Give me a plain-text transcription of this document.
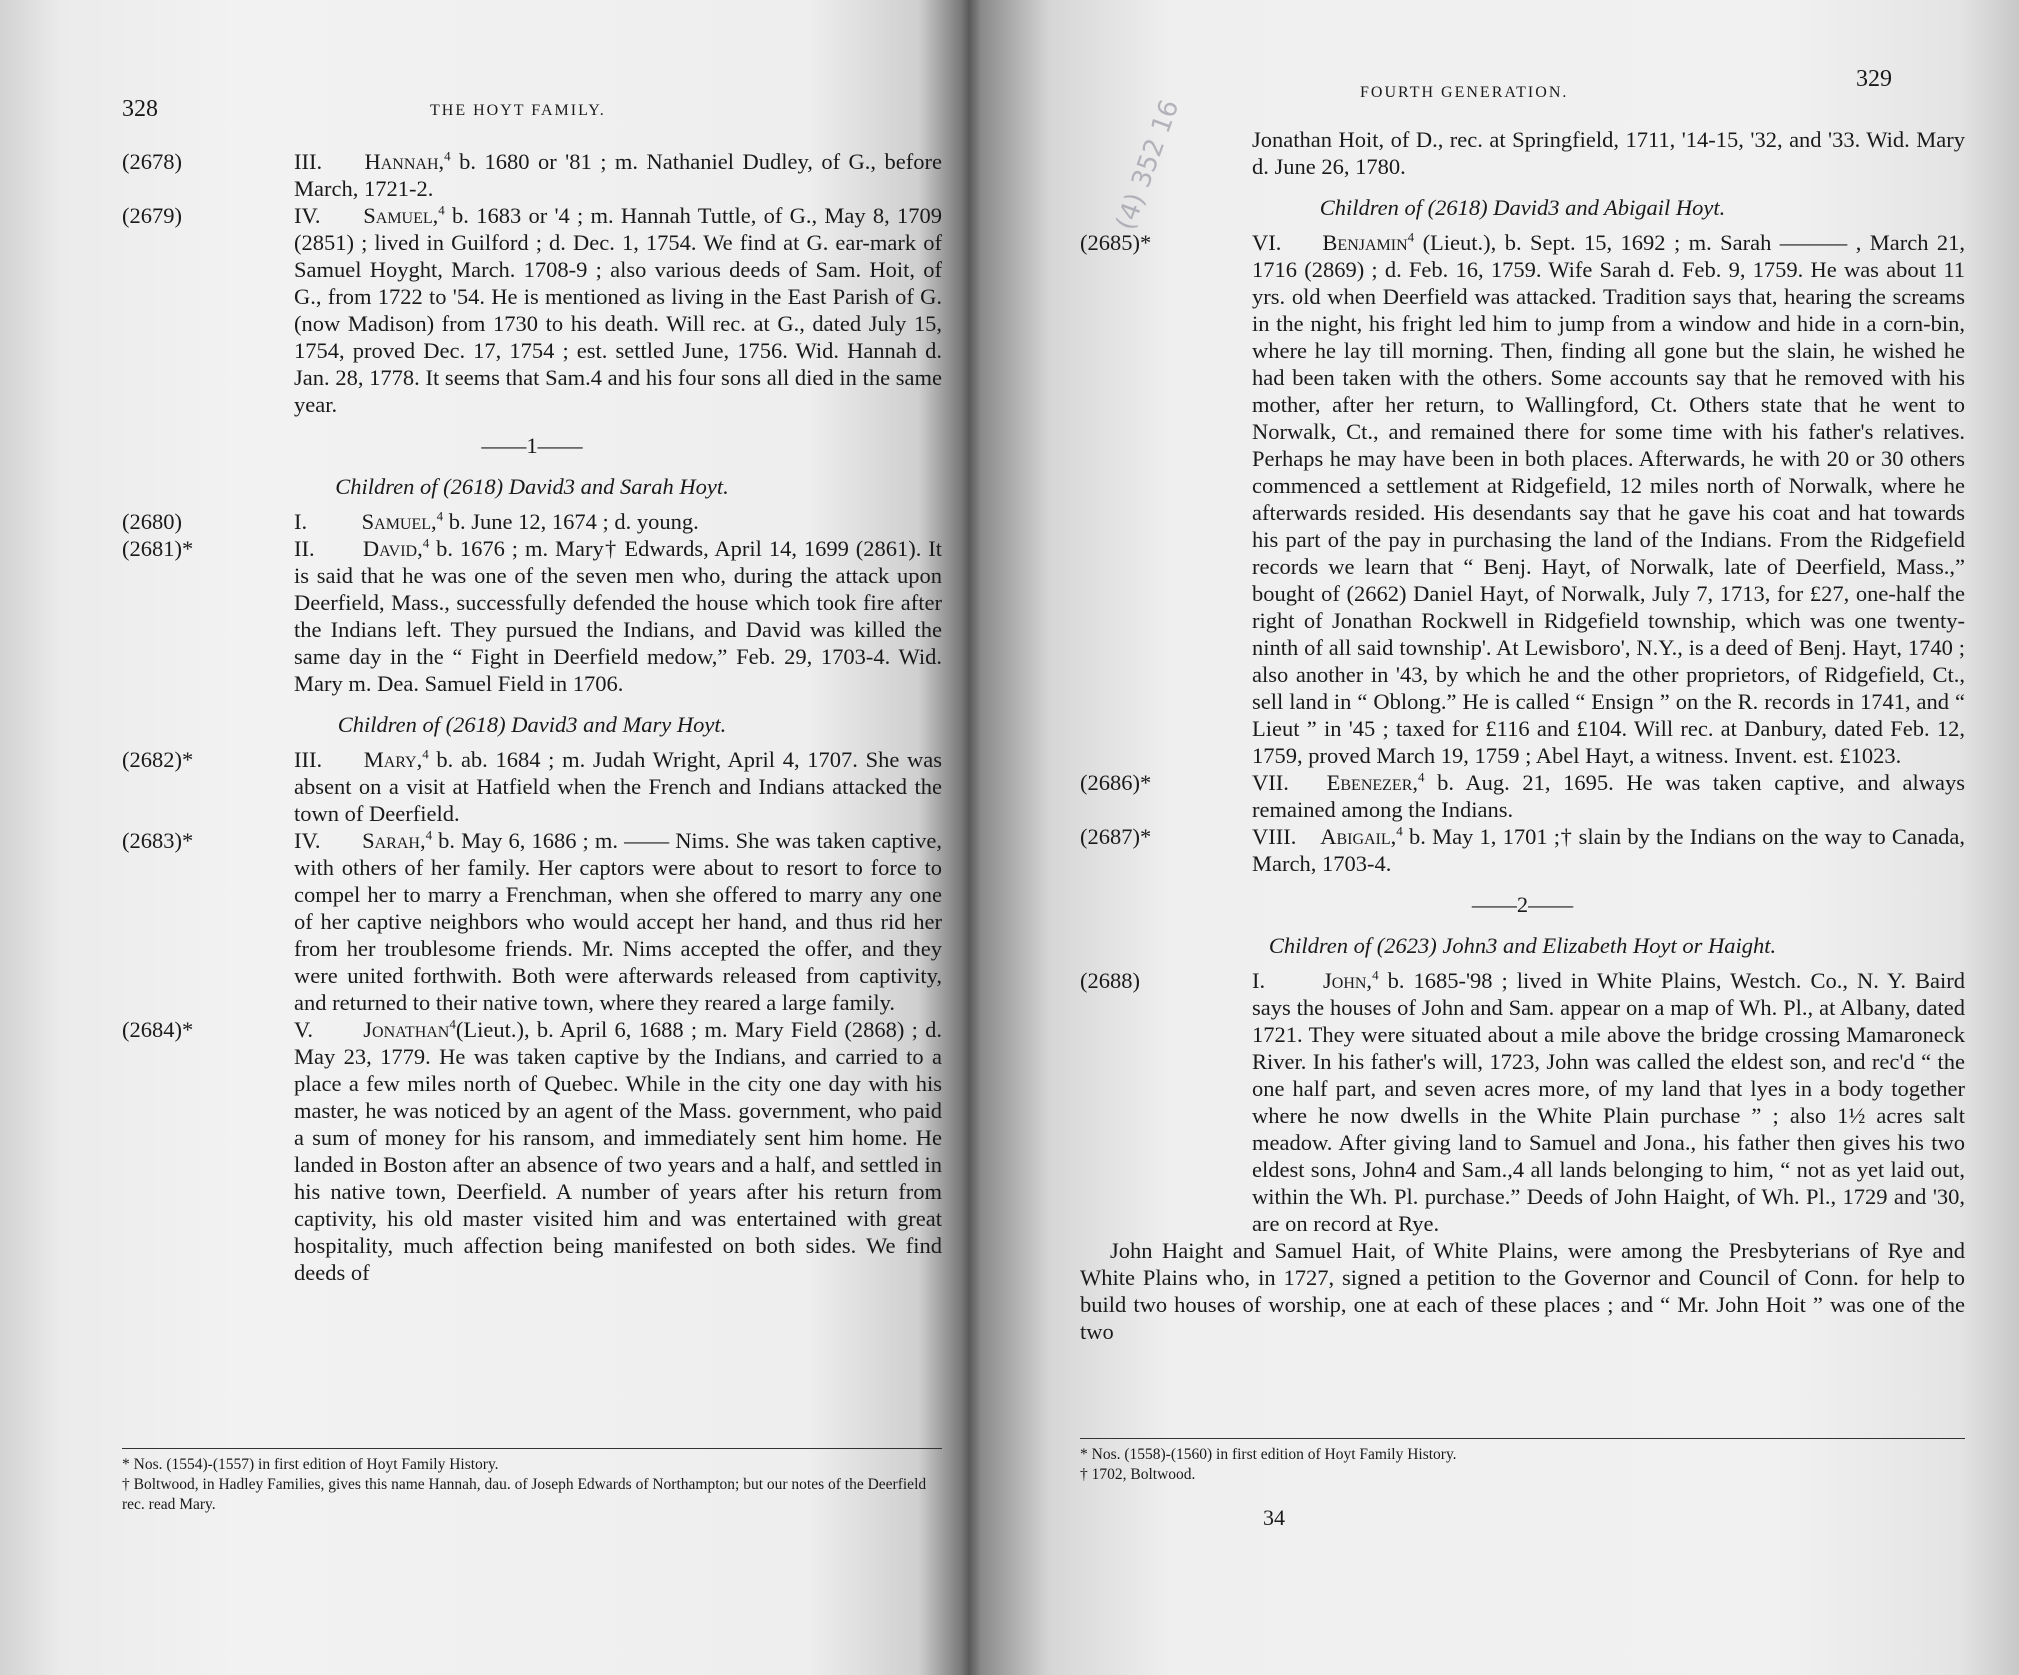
328	THE HOYT FAMILY.

(2678)	III. Hannah,$^4$ b. 1680 or '81 ; m. Nathaniel Dudley, of G., before March, 1721-2.

(2679)	IV. Samuel,$^4$ b. 1683 or '4 ; m. Hannah Tuttle, of G., May 8, 1709 (2851) ; lived in Guilford ; d. Dec. 1, 1754. We find at G. ear-mark of Samuel Hoyght, March. 1708-9 ; also various deeds of Sam. Hoit, of G., from 1722 to '54. He is mentioned as living in the East Parish of G. (now Madison) from 1730 to his death. Will rec. at G., dated July 15, 1754, proved Dec. 17, 1754 ; est. settled June, 1756. Wid. Hannah d. Jan. 28, 1778. It seems that Sam.4 and his four sons all died in the same year.

——1——

Children of (2618) David3 and Sarah Hoyt.

(2680)	I. Samuel,$^4$ b. June 12, 1674 ; d. young.

(2681)*	II. David,$^4$ b. 1676 ; m. Mary† Edwards, April 14, 1699 (2861). It is said that he was one of the seven men who, during the attack upon Deerfield, Mass., successfully defended the house which took fire after the Indians left. They pursued the Indians, and David was killed the same day in the “ Fight in Deerfield medow,” Feb. 29, 1703-4. Wid. Mary m. Dea. Samuel Field in 1706.

Children of (2618) David3 and Mary Hoyt.

(2682)*	III. Mary,$^4$ b. ab. 1684 ; m. Judah Wright, April 4, 1707. She was absent on a visit at Hatfield when the French and Indians attacked the town of Deerfield.

(2683)*	IV. Sarah,$^4$ b. May 6, 1686 ; m. —— Nims. She was taken captive, with others of her family. Her captors were about to resort to force to compel her to marry a Frenchman, when she offered to marry any one of her captive neighbors who would accept her hand, and thus rid her from her troublesome friends. Mr. Nims accepted the offer, and they were united forthwith. Both were afterwards released from captivity, and returned to their native town, where they reared a large family.

(2684)*	V. Jonathan$^4$(Lieut.), b. April 6, 1688 ; m. Mary Field (2868) ; d. May 23, 1779. He was taken captive by the Indians, and carried to a place a few miles north of Quebec. While in the city one day with his master, he was noticed by an agent of the Mass. government, who paid a sum of money for his ransom, and immediately sent him home. He landed in Boston after an absence of two years and a half, and settled in his native town, Deerfield. A number of years after his return from captivity, his old master visited him and was entertained with great hospitality, much affection being manifested on both sides. We find deeds of

* Nos. (1554)-(1557) in first edition of Hoyt Family History.
† Boltwood, in Hadley Families, gives this name Hannah, dau. of Joseph Edwards of Northampton; but our notes of the Deerfield rec. read Mary.
(4) 352 16
FOURTH GENERATION.
329

Jonathan Hoit, of D., rec. at Springfield, 1711, '14-15, '32, and '33. Wid. Mary d. June 26, 1780.

Children of (2618) David3 and Abigail Hoyt.

(2685)*	VI. Benjamin$^4$ (Lieut.), b. Sept. 15, 1692 ; m. Sarah ——— , March 21, 1716 (2869) ; d. Feb. 16, 1759. Wife Sarah d. Feb. 9, 1759. He was about 11 yrs. old when Deerfield was attacked. Tradition says that, hearing the screams in the night, his fright led him to jump from a window and hide in a corn-bin, where he lay till morning. Then, finding all gone but the slain, he wished he had been taken with the others. Some accounts say that he removed with his mother, after her return, to Wallingford, Ct. Others state that he went to Norwalk, Ct., and remained there for some time with his father's relatives. Perhaps he may have been in both places. Afterwards, he with 20 or 30 others commenced a settlement at Ridgefield, 12 miles north of Norwalk, where he afterwards resided. His desendants say that he gave his coat and hat towards his part of the pay in purchasing the land of the Indians. From the Ridgefield records we learn that “ Benj. Hayt, of Norwalk, late of Deerfield, Mass.,” bought of (2662) Daniel Hayt, of Norwalk, July 7, 1713, for £27, one-half the right of Jonathan Rockwell in Ridgefield township, which was one twenty-ninth of all said township'. At Lewisboro', N.Y., is a deed of Benj. Hayt, 1740 ; also another in '43, by which he and the other proprietors, of Ridgefield, Ct., sell land in “ Oblong.” He is called “ Ensign ” on the R. records in 1741, and “ Lieut ” in '45 ; taxed for £116 and £104. Will rec. at Danbury, dated Feb. 12, 1759, proved March 19, 1759 ; Abel Hayt, a witness. Invent. est. £1023.

(2686)*	VII. Ebenezer,$^4$ b. Aug. 21, 1695. He was taken captive, and always remained among the Indians.

(2687)*	VIII. Abigail,$^4$ b. May 1, 1701 ;† slain by the Indians on the way to Canada, March, 1703-4.

——2——

Children of (2623) John3 and Elizabeth Hoyt or Haight.

(2688)	I.	John,$^4$ b. 1685-'98 ; lived in White Plains, Westch. Co., N. Y. Baird says the houses of John and Sam. appear on a map of Wh. Pl., at Albany, dated 1721. They were situated about a mile above the bridge crossing Mamaroneck River. In his father's will, 1723, John was called the eldest son, and rec'd “ the one half part, and seven acres more, of my land that lyes in a body together where he now dwells in the White Plain purchase ” ; also 1½ acres salt meadow. After giving land to Samuel and Jona., his father then gives his two eldest sons, John4 and Sam.,4 all lands belonging to him, “ not as yet laid out, within the Wh. Pl. purchase.” Deeds of John Haight, of Wh. Pl., 1729 and '30, are on record at Rye.

John Haight and Samuel Hait, of White Plains, were among the Presbyterians of Rye and White Plains who, in 1727, signed a petition to the Governor and Council of Conn. for help to build two houses of worship, one at each of these places ; and “ Mr. John Hoit ” was one of the two

* Nos. (1558)-(1560) in first edition of Hoyt Family History.
† 1702, Boltwood.
34
